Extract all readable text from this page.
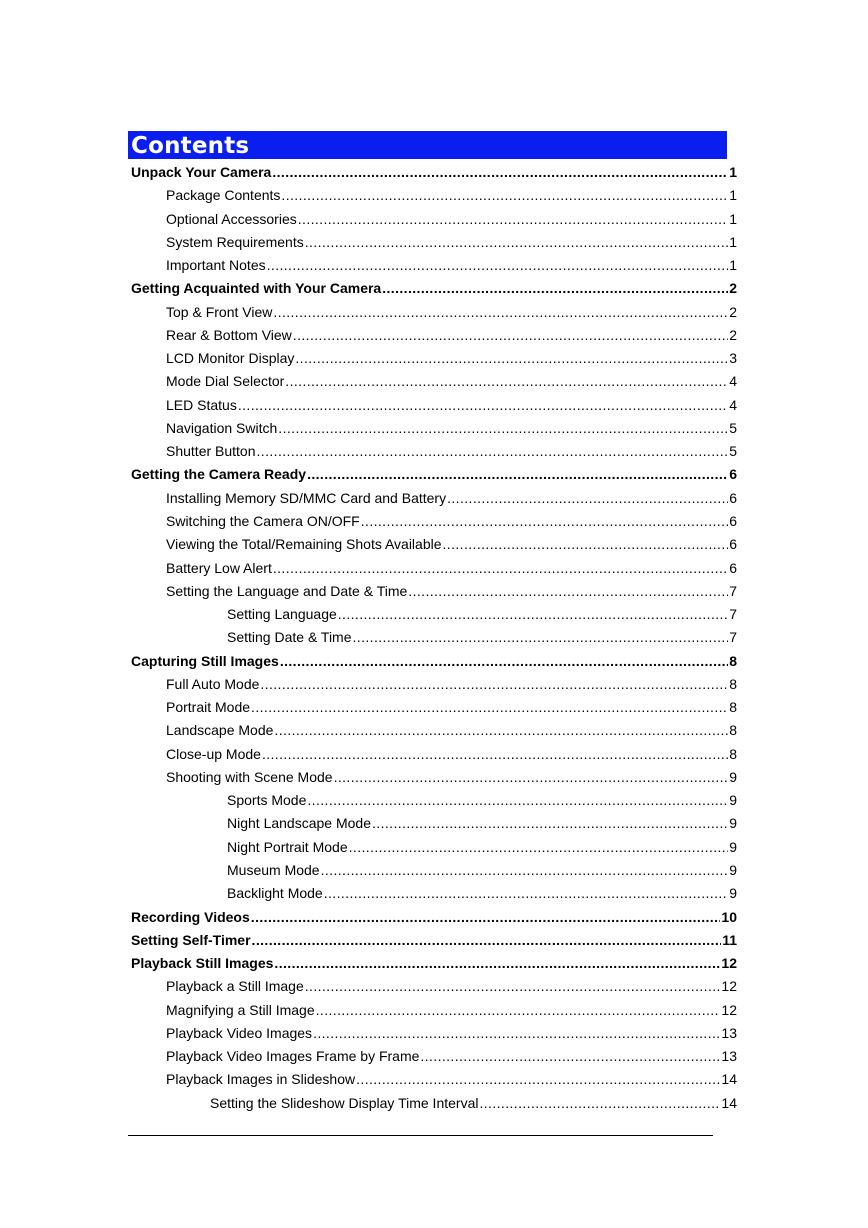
Contents
Unpack Your Camera .....	1
Package Contents .....	1
Optional Accessories .....	1
System Requirements .....	1
Important Notes .....	1
Getting Acquainted with Your Camera .....	2
Top & Front View .....	2
Rear & Bottom View .....	2
LCD Monitor Display .....	3
Mode Dial Selector .....	4
LED Status .....	4
Navigation Switch .....	5
Shutter Button .....	5
Getting the Camera Ready .....	6
Installing Memory SD/MMC Card and Battery .....	6
Switching the Camera ON/OFF .....	6
Viewing the Total/Remaining Shots Available .....	6
Battery Low Alert .....	6
Setting the Language and Date & Time .....	7
Setting Language .....	7
Setting Date & Time .....	7
Capturing Still Images .....	8
Full Auto Mode .....	8
Portrait Mode .....	8
Landscape Mode .....	8
Close-up Mode .....	8
Shooting with Scene Mode .....	9
Sports Mode .....	9
Night Landscape Mode .....	9
Night Portrait Mode .....	9
Museum Mode .....	9
Backlight Mode .....	9
Recording Videos .....	10
Setting Self-Timer .....	11
Playback Still Images .....	12
Playback a Still Image .....	12
Magnifying a Still Image .....	12
Playback Video Images .....	13
Playback Video Images Frame by Frame .....	13
Playback Images in Slideshow .....	14
Setting the Slideshow Display Time Interval .....	14
